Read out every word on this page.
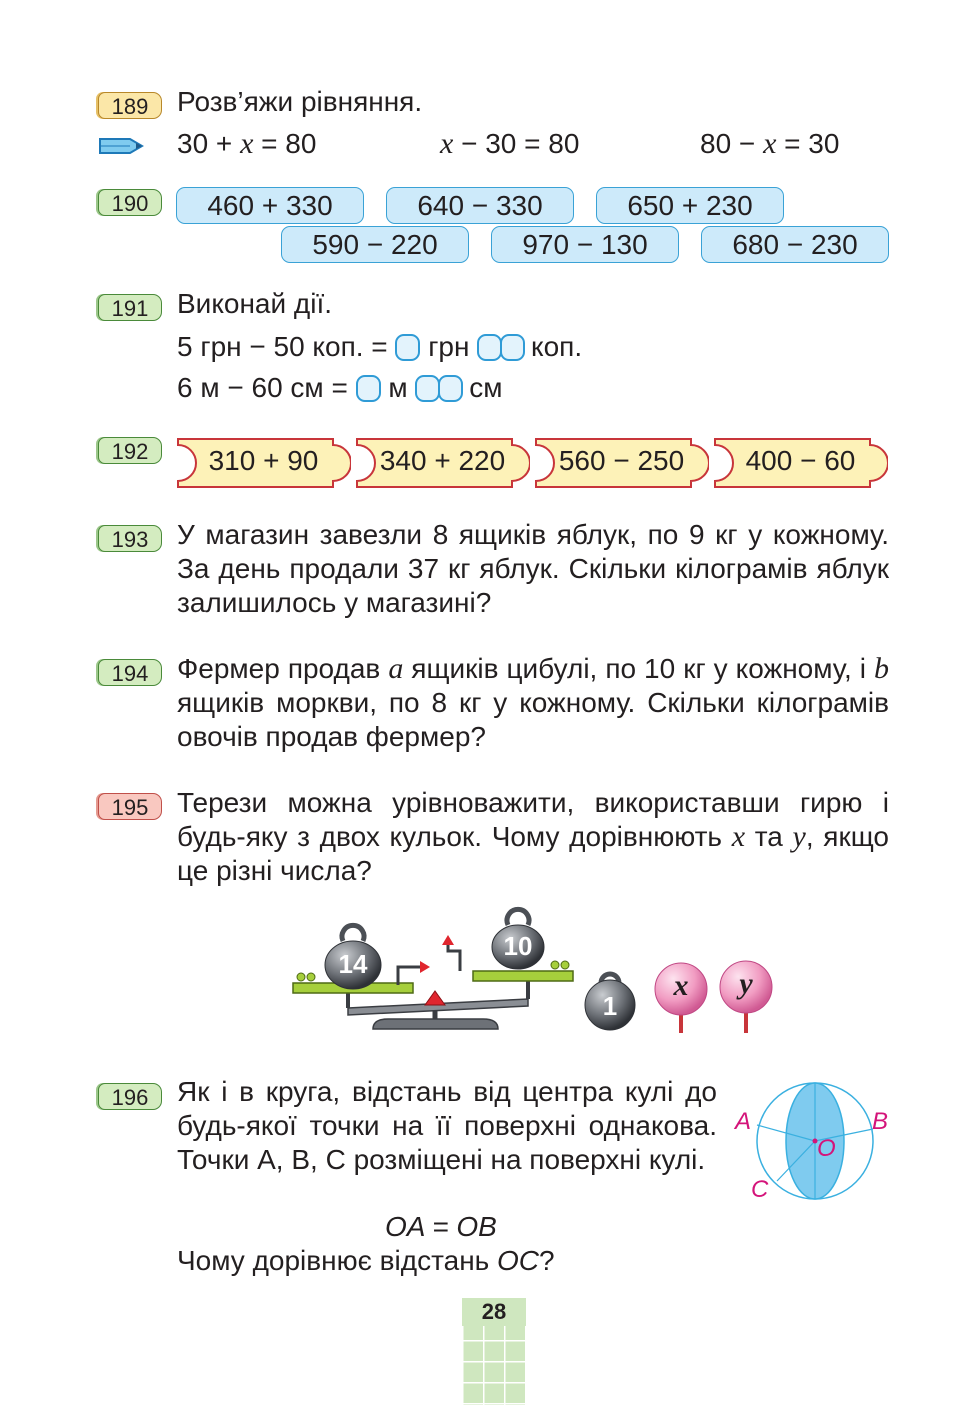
189	Розв’яжи рівняння.
30 + x = 80	x − 30 = 80	80 − x = 30
190	460 + 330	640 − 330	650 + 230
590 − 220	970 − 130	680 − 230
191	Виконай дії.
5 грн − 50 коп. =  грн коп.
6 м − 60 см =  м см
192	310 + 90	340 + 220	560 − 250	400 − 60
193	У магазин завезли 8 ящиків яблук, по 9 кг у кожному. За день продали 37 кг яблук. Скільки кілограмів яблук залишилось у магазині?
194	Фермер продав a ящиків цибулі, по 10 кг у кожному, і b ящиків моркви, по 8 кг у кожному. Скільки кілограмів овочів продав фермер?
195	Терези можна урівноважити, використавши гирю і будь-яку з двох кульок. Чому дорівнюють x та y, якщо це різні числа?
14
10
1
x	y
196	Як і в круга, відстань від центра кулі до будь-якої точки на її поверхні однакова. Точки A, B, C розміщені на поверхні кулі.
OA = OB
Чому дорівнює відстань OC?
A	B
O
C
28
